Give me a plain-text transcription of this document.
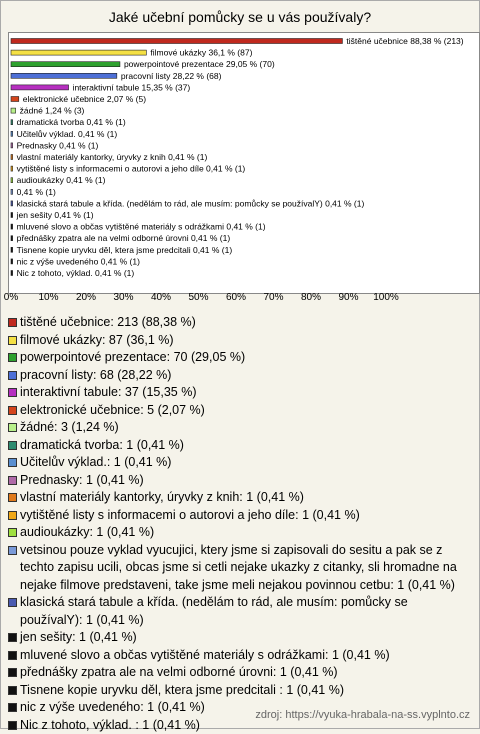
Jaké učební pomůcky se u vás používaly?
tištěné učebnice 88,38 % (213)
filmové ukázky 36,1 % (87)
powerpointové prezentace 29,05 % (70)
pracovní listy 28,22 % (68)
interaktivní tabule 15,35 % (37)
elektronické učebnice 2,07 % (5)
žádné 1,24 % (3)
dramatická tvorba 0,41 % (1)
Učitelův výklad. 0,41 % (1)
Prednasky 0,41 % (1)
vlastní materiály kantorky, úryvky z knih 0,41 % (1)
vytištěné listy s informacemi o autorovi a jeho díle 0,41 % (1)
audioukázky 0,41 % (1)
0,41 % (1)
klasická stará tabule a křída. (nedělám to rád, ale musím: pomůcky se používalY) 0,41 % (1)
jen sešity 0,41 % (1)
mluvené slovo a občas vytištěné materiály s odrážkami 0,41 % (1)
přednášky zpatra ale na velmi odborné úrovni 0,41 % (1)
Tisnene kopie uryvku děl, ktera jsme predcitali 0,41 % (1)
nic z výše uvedeného 0,41 % (1)
Nic z tohoto, výklad. 0,41 % (1)
0%	10%	20%	30%	40%	50%	60%	70%	80%	90%	100%
tištěné učebnice: 213 (88,38 %)
filmové ukázky: 87 (36,1 %)
powerpointové prezentace: 70 (29,05 %)
pracovní listy: 68 (28,22 %)
interaktivní tabule: 37 (15,35 %)
elektronické učebnice: 5 (2,07 %)
žádné: 3 (1,24 %)
dramatická tvorba: 1 (0,41 %)
Učitelův výklad.: 1 (0,41 %)
Prednasky: 1 (0,41 %)
vlastní materiály kantorky, úryvky z knih: 1 (0,41 %)
vytištěné listy s informacemi o autorovi a jeho díle: 1 (0,41 %)
audioukázky: 1 (0,41 %)
vetsinou pouze vyklad vyucujici, ktery jsme si zapisovali do sesitu a pak se z techto zapisu ucili, obcas jsme si cetli nejake ukazky z citanky, sli hromadne na nejake filmove predstaveni, take jsme meli nejakou povinnou cetbu: 1 (0,41 %)
klasická stará tabule a křída. (nedělám to rád, ale musím: pomůcky se používalY): 1 (0,41 %)
jen sešity: 1 (0,41 %)
mluvené slovo a občas vytištěné materiály s odrážkami: 1 (0,41 %)
přednášky zpatra ale na velmi odborné úrovni: 1 (0,41 %)
Tisnene kopie uryvku děl, ktera jsme predcitali : 1 (0,41 %)
nic z výše uvedeného: 1 (0,41 %)
Nic z tohoto, výklad. : 1 (0,41 %)
zdroj: https://vyuka-hrabala-na-ss.vyplnto.cz
